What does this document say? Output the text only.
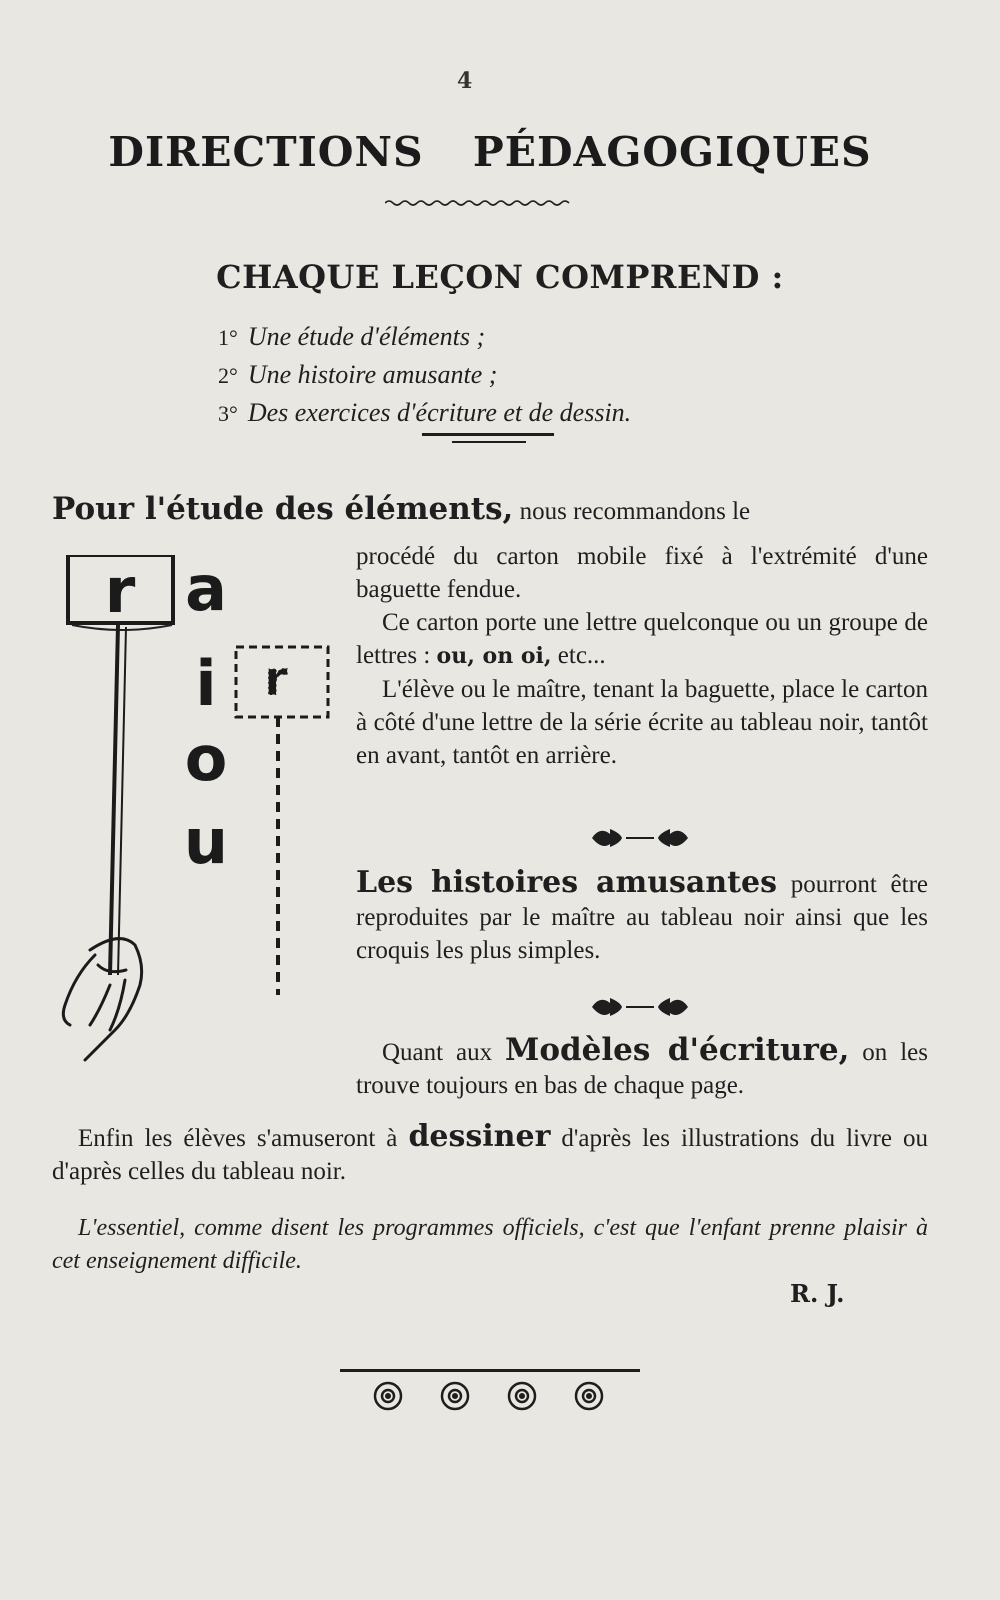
DIRECTIONS PÉDAGOGIQUES
CHAQUE LEÇON COMPREND :
1° Une étude d'éléments ;
2° Une histoire amusante ;
3° Des exercices d'écriture et de dessin.
Pour l'étude des éléments, nous recommandons le

procédé du carton mobile fixé à l'extrémité d'une baguette fendue.

Ce carton porte une lettre quelconque ou un groupe de lettres : ou, on oi, etc...

L'élève ou le maître, tenant la baguette, place le carton à côté d'une lettre de la série écrite au tableau noir, tantôt en avant, tantôt en arrière.

r a
i
o
u
r
Les histoires amusantes pourront être reproduites par le maître au tableau noir ainsi que les croquis les plus simples.
Quant aux Modèles d'écriture, on les trouve toujours en bas de chaque page.
Enfin les élèves s'amuseront à dessiner d'après les illustrations du livre ou d'après celles du tableau noir.
L'essentiel, comme disent les programmes officiels, c'est que l'enfant prenne plaisir à cet enseignement difficile.
R. J.
4
